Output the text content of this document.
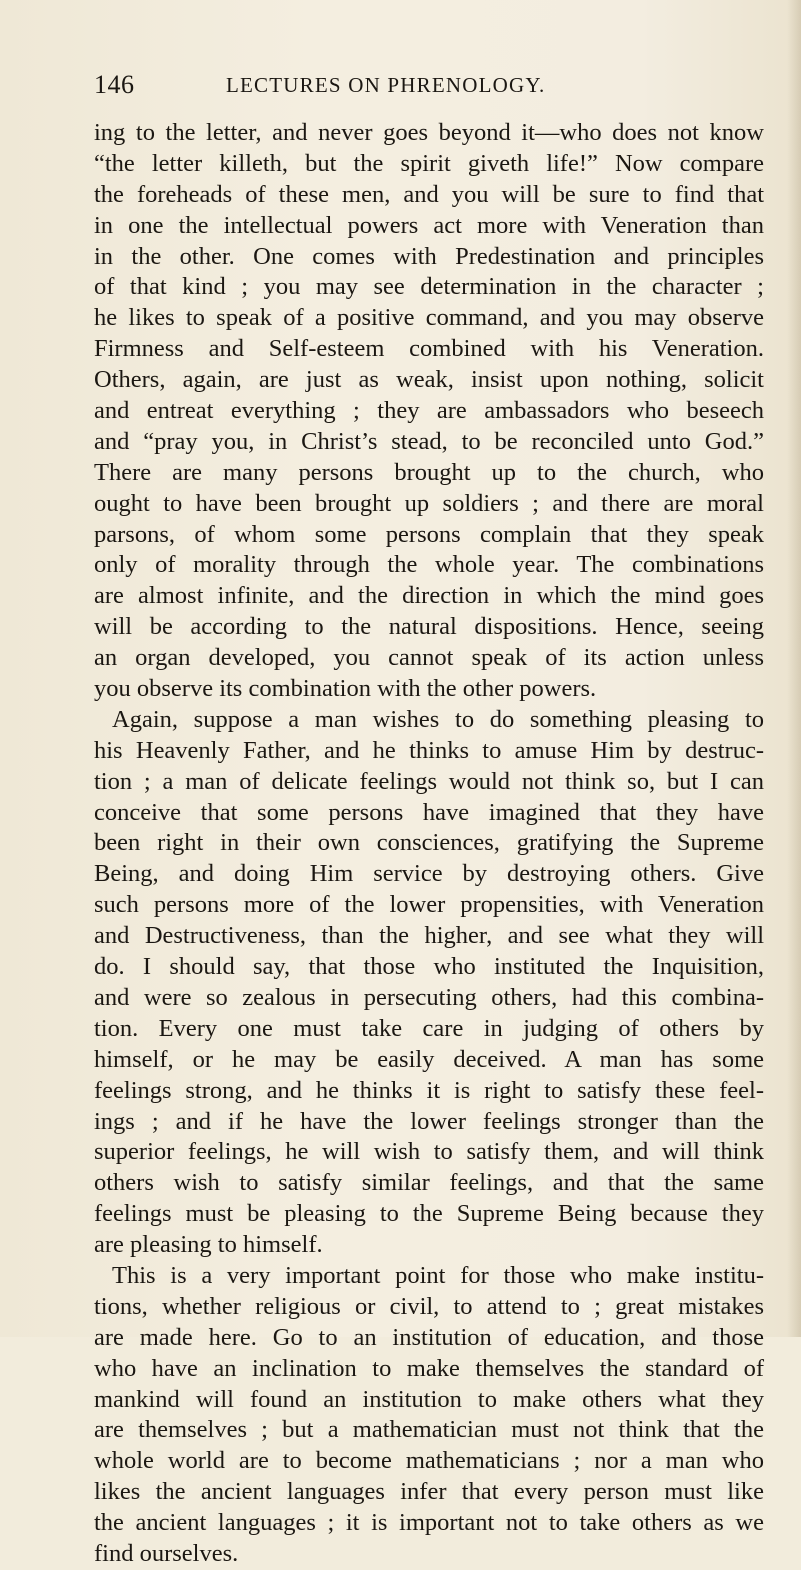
146	LECTURES ON PHRENOLOGY.
ing to the letter, and never goes beyond it—who does not know
“the letter killeth, but the spirit giveth life!” Now compare
the foreheads of these men, and you will be sure to find that
in one the intellectual powers act more with Veneration than
in the other. One comes with Predestination and principles
of that kind ; you may see determination in the character ;
he likes to speak of a positive command, and you may observe
Firmness and Self-esteem combined with his Veneration.
Others, again, are just as weak, insist upon nothing, solicit
and entreat everything ; they are ambassadors who beseech
and “pray you, in Christ’s stead, to be reconciled unto God.”
There are many persons brought up to the church, who
ought to have been brought up soldiers ; and there are moral
parsons, of whom some persons complain that they speak
only of morality through the whole year. The combinations
are almost infinite, and the direction in which the mind goes
will be according to the natural dispositions. Hence, seeing
an organ developed, you cannot speak of its action unless
you observe its combination with the other powers.
Again, suppose a man wishes to do something pleasing to
his Heavenly Father, and he thinks to amuse Him by destruc-
tion ; a man of delicate feelings would not think so, but I can
conceive that some persons have imagined that they have
been right in their own consciences, gratifying the Supreme
Being, and doing Him service by destroying others. Give
such persons more of the lower propensities, with Veneration
and Destructiveness, than the higher, and see what they will
do. I should say, that those who instituted the Inquisition,
and were so zealous in persecuting others, had this combina-
tion. Every one must take care in judging of others by
himself, or he may be easily deceived. A man has some
feelings strong, and he thinks it is right to satisfy these feel-
ings ; and if he have the lower feelings stronger than the
superior feelings, he will wish to satisfy them, and will think
others wish to satisfy similar feelings, and that the same
feelings must be pleasing to the Supreme Being because they
are pleasing to himself.
This is a very important point for those who make institu-
tions, whether religious or civil, to attend to ; great mistakes
are made here. Go to an institution of education, and those
who have an inclination to make themselves the standard of
mankind will found an institution to make others what they
are themselves ; but a mathematician must not think that the
whole world are to become mathematicians ; nor a man who
likes the ancient languages infer that every person must like
the ancient languages ; it is important not to take others as we
find ourselves.
